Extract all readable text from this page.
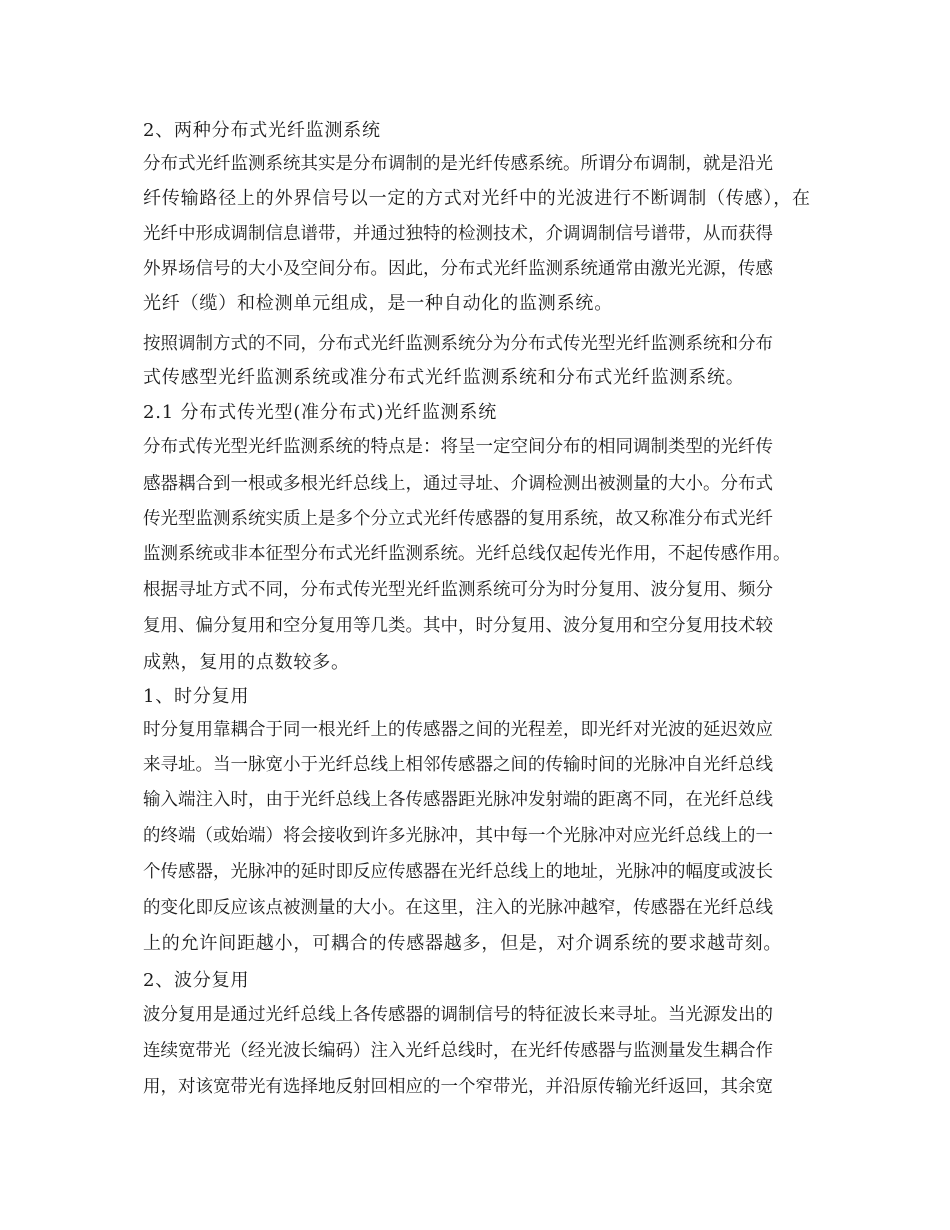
2、两种分布式光纤监测系统
分布式光纤监测系统其实是分布调制的是光纤传感系统。所谓分布调制，就是沿光
纤传输路径上的外界信号以一定的方式对光纤中的光波进行不断调制（传感），在
光纤中形成调制信息谱带，并通过独特的检测技术，介调调制信号谱带，从而获得
外界场信号的大小及空间分布。因此，分布式光纤监测系统通常由激光光源，传感
光纤（缆）和检测单元组成，是一种自动化的监测系统。
按照调制方式的不同，分布式光纤监测系统分为分布式传光型光纤监测系统和分布
式传感型光纤监测系统或准分布式光纤监测系统和分布式光纤监测系统。
2.1 分布式传光型(准分布式)光纤监测系统
分布式传光型光纤监测系统的特点是：将呈一定空间分布的相同调制类型的光纤传
感器耦合到一根或多根光纤总线上，通过寻址、介调检测出被测量的大小。分布式
传光型监测系统实质上是多个分立式光纤传感器的复用系统，故又称准分布式光纤
监测系统或非本征型分布式光纤监测系统。光纤总线仅起传光作用，不起传感作用。
根据寻址方式不同，分布式传光型光纤监测系统可分为时分复用、波分复用、频分
复用、偏分复用和空分复用等几类。其中，时分复用、波分复用和空分复用技术较
成熟，复用的点数较多。
1、时分复用
时分复用靠耦合于同一根光纤上的传感器之间的光程差，即光纤对光波的延迟效应
来寻址。当一脉宽小于光纤总线上相邻传感器之间的传输时间的光脉冲自光纤总线
输入端注入时，由于光纤总线上各传感器距光脉冲发射端的距离不同，在光纤总线
的终端（或始端）将会接收到许多光脉冲，其中每一个光脉冲对应光纤总线上的一
个传感器，光脉冲的延时即反应传感器在光纤总线上的地址，光脉冲的幅度或波长
的变化即反应该点被测量的大小。在这里，注入的光脉冲越窄，传感器在光纤总线
上的允许间距越小，可耦合的传感器越多，但是，对介调系统的要求越苛刻。
2、波分复用
波分复用是通过光纤总线上各传感器的调制信号的特征波长来寻址。当光源发出的
连续宽带光（经光波长编码）注入光纤总线时，在光纤传感器与监测量发生耦合作
用，对该宽带光有选择地反射回相应的一个窄带光，并沿原传输光纤返回，其余宽
